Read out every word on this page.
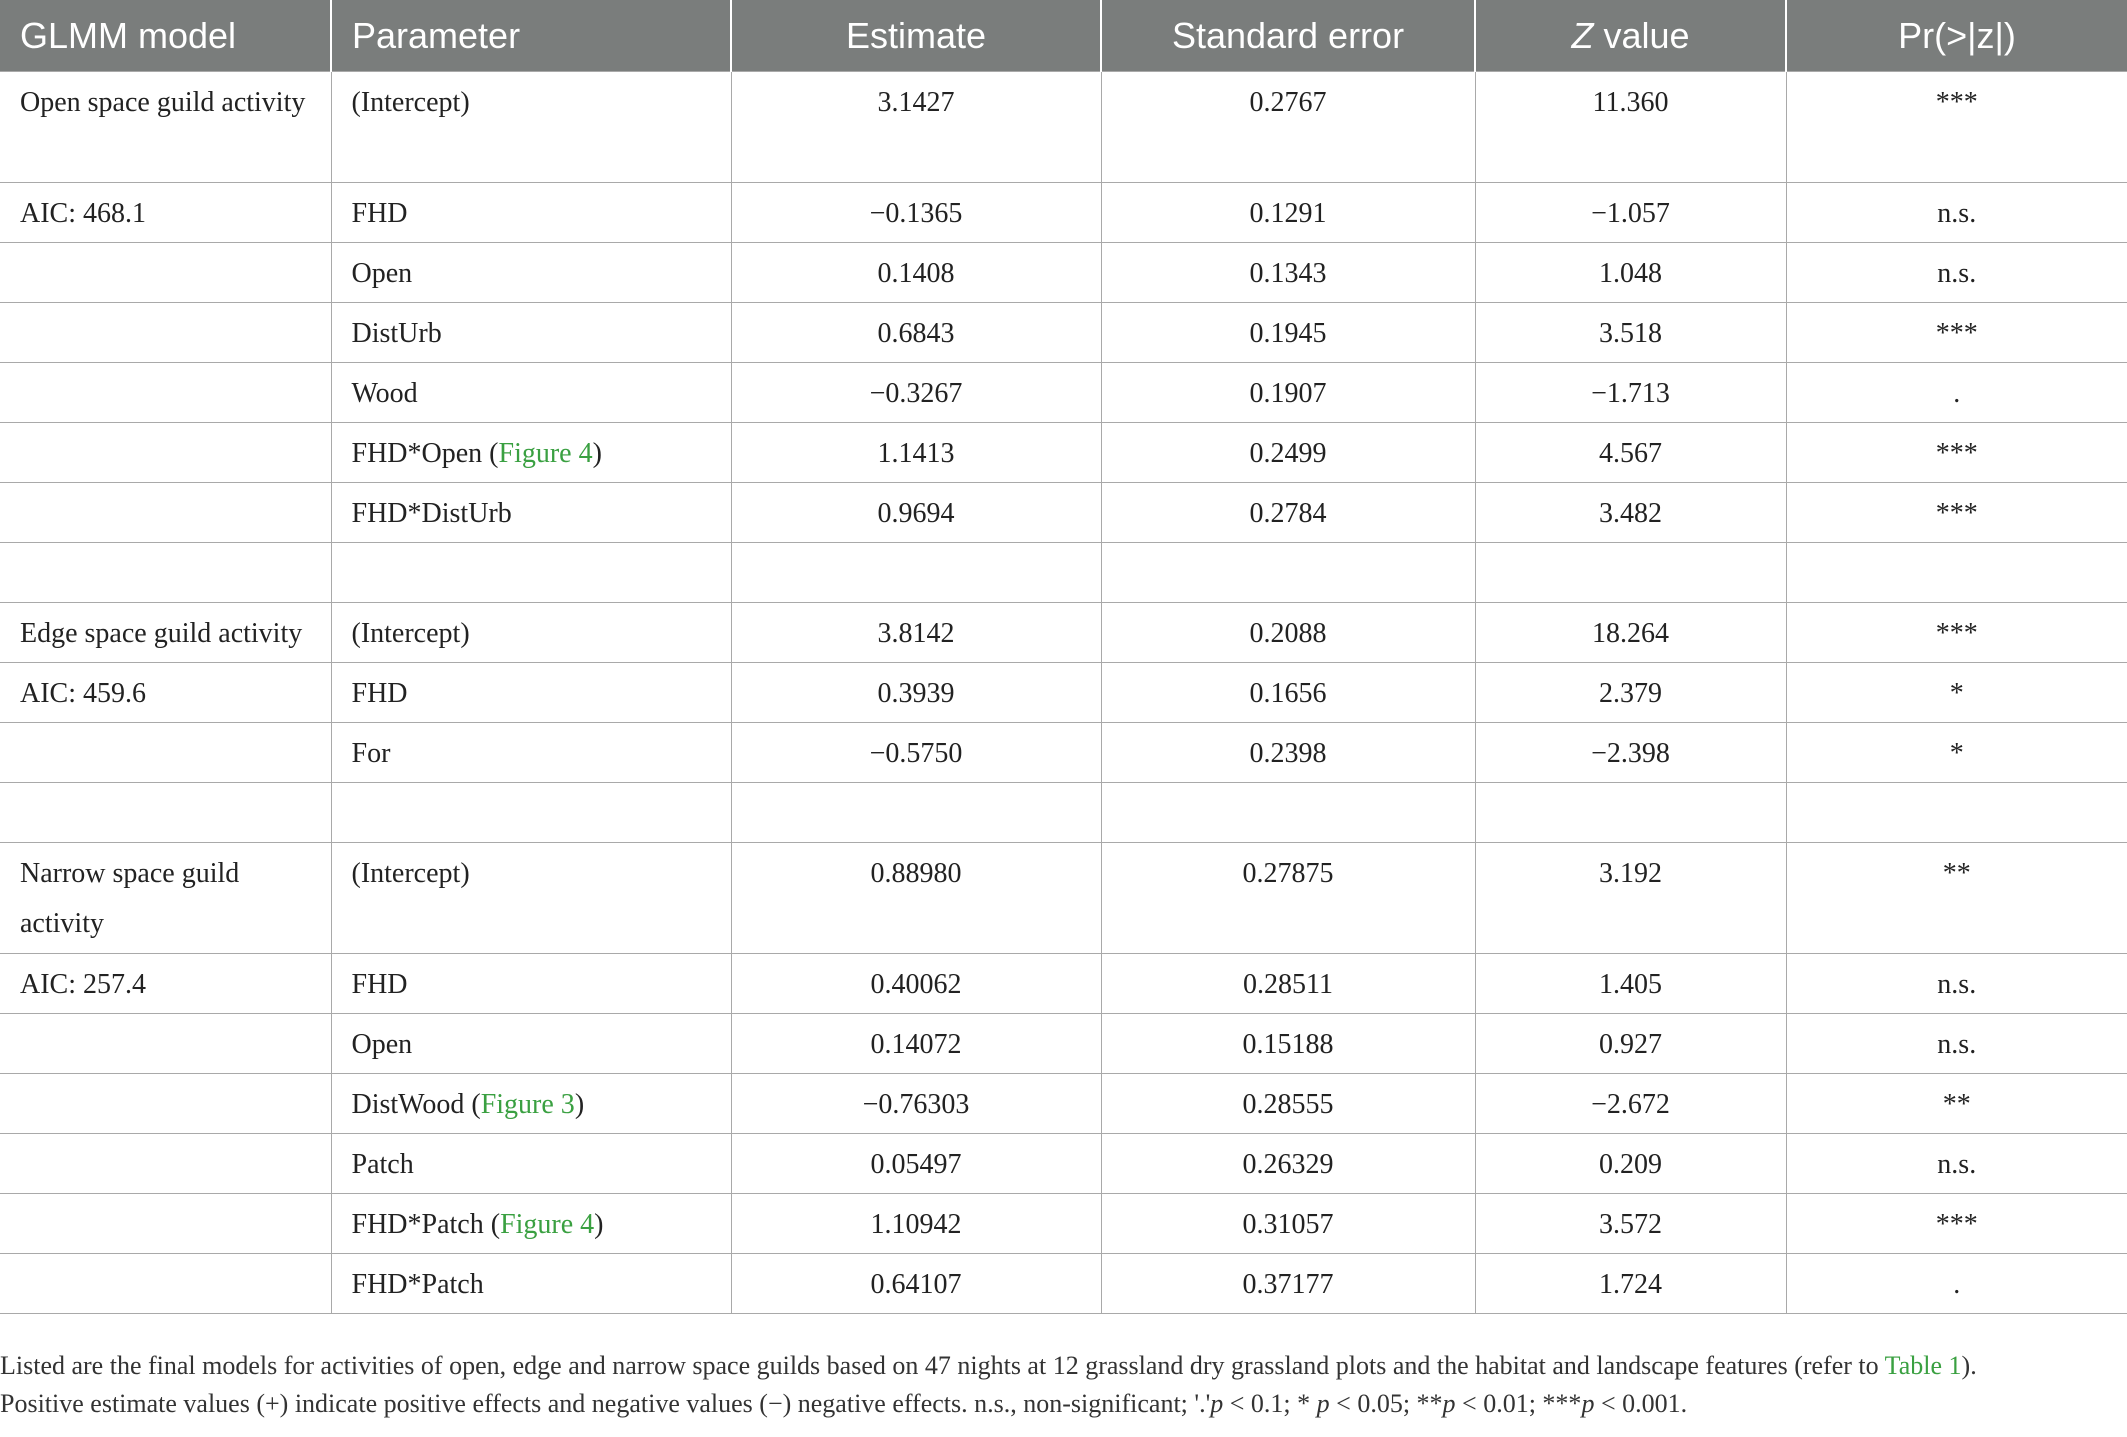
GLMM model	Parameter	Estimate	Standard error	Z value	Pr(>|z|)
Open space guild activity	(Intercept)	3.1427	0.2767	11.360	***
AIC: 468.1	FHD	−0.1365	0.1291	−1.057	n.s.
	Open	0.1408	0.1343	1.048	n.s.
	DistUrb	0.6843	0.1945	3.518	***
	Wood	−0.3267	0.1907	−1.713	.
	FHD*Open (Figure 4)	1.1413	0.2499	4.567	***
	FHD*DistUrb	0.9694	0.2784	3.482	***

Edge space guild activity	(Intercept)	3.8142	0.2088	18.264	***
AIC: 459.6	FHD	0.3939	0.1656	2.379	*
	For	−0.5750	0.2398	−2.398	*

Narrow space guild activity	(Intercept)	0.88980	0.27875	3.192	**
AIC: 257.4	FHD	0.40062	0.28511	1.405	n.s.
	Open	0.14072	0.15188	0.927	n.s.
	DistWood (Figure 3)	−0.76303	0.28555	−2.672	**
	Patch	0.05497	0.26329	0.209	n.s.
	FHD*Patch (Figure 4)	1.10942	0.31057	3.572	***
	FHD*Patch	0.64107	0.37177	1.724	.

Listed are the final models for activities of open, edge and narrow space guilds based on 47 nights at 12 grassland dry grassland plots and the habitat and landscape features (refer to Table 1).

Positive estimate values (+) indicate positive effects and negative values (−) negative effects. n.s., non-significant; '.'p < 0.1; * p < 0.05; **p < 0.01; ***p < 0.001.
